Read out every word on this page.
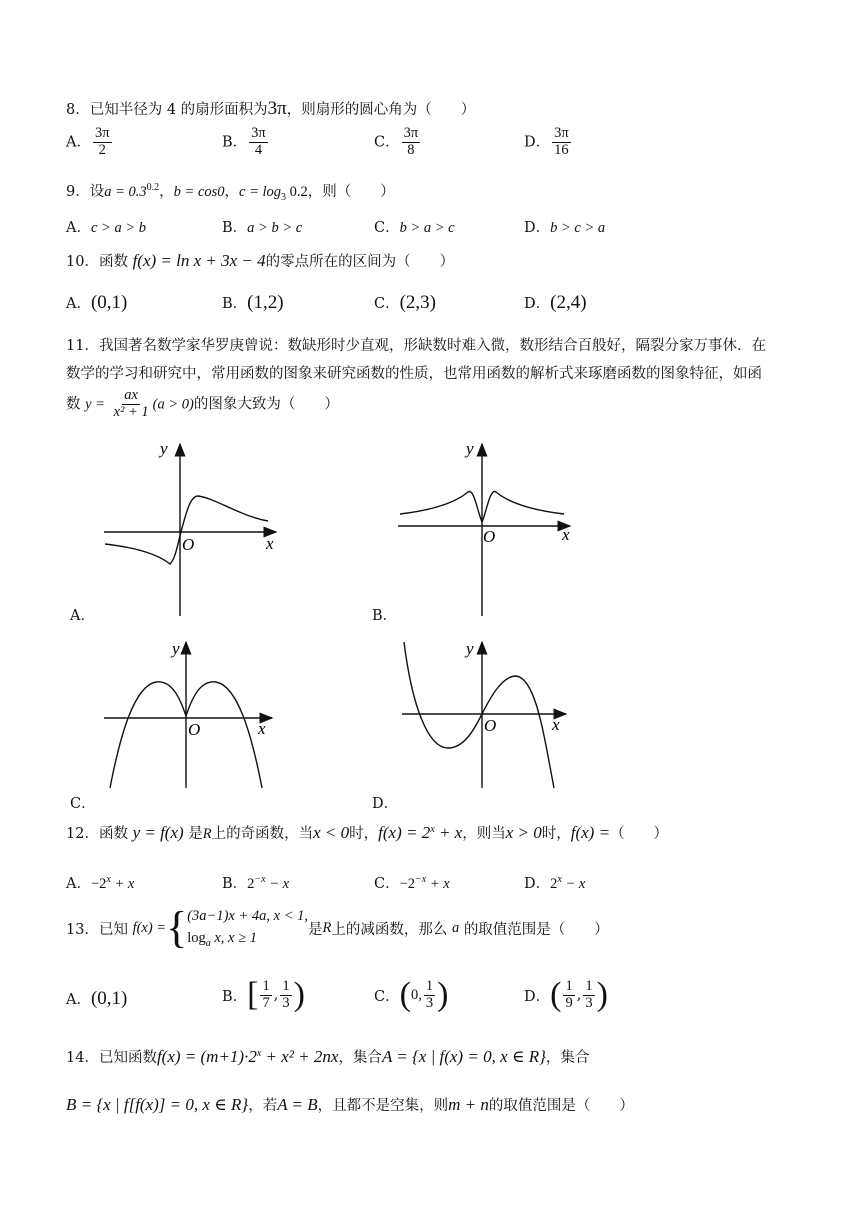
8．已知半径为 4 的扇形面积为3π，则扇形的圆心角为（　　）
A． $\frac{3\pi}{2}$	B． $\frac{3\pi}{4}$	C． $\frac{3\pi}{8}$	D． $\frac{3\pi}{16}$
9．设$a = 0.3^{0.2}$，b = cos0，$c = \log_3 0.2$，则（　　）
A．c > a > b	B．a > b > c	C．b > a > c	D．b > c > a
10．函数 f(x) = ln x + 3x − 4的零点所在的区间为（　　）
A．(0,1)	B．(1,2)	C．(2,3)	D．(2,4)
11．我国著名数学家华罗庚曾说：数缺形时少直观，形缺数时难入微，数形结合百般好，隔裂分家万事休．在
数学的学习和研究中，常用函数的图象来研究函数的性质，也常用函数的解析式来琢磨函数的图象特征，如函
数 $y = \frac{ax}{\text{x² + 1}} (a > 0)$的图象大致为（　　）
y
x
O
A．
y
x
O
B．
y
x
O
C．
y
x
O
D．
12．函数 y = f(x) 是R上的奇函数，当x < 0时，$f(x) = 2^x + x$，则当x > 0时，f(x) =（　　）
A．$-2^x + x$	B．$2^{-x} - x$	C．$-2^{-x} + x$	D．$2^x - x$
13．已知
f(x) = { (3a−1)x + 4a, x < 1,
$\log_a x$, x ≥ 1	是 R 上的减函数，那么
a
的取值范围是（　　）
A．(0,1)	B． [ $\frac{1}{7}$ , $\frac{1}{3}$ )	C． ( 0, $\frac{1}{3}$ )	D． ( $\frac{1}{9}$ , $\frac{1}{3}$ )
14．已知函数$f(x) = (m+1)\cdot 2^x + x^2 + 2nx$，集合A = {x | f(x) = 0, x ∈ R}，集合
B = {x | f[f(x)] = 0, x ∈ R}，若A = B，且都不是空集，则m + n的取值范围是（　　）
